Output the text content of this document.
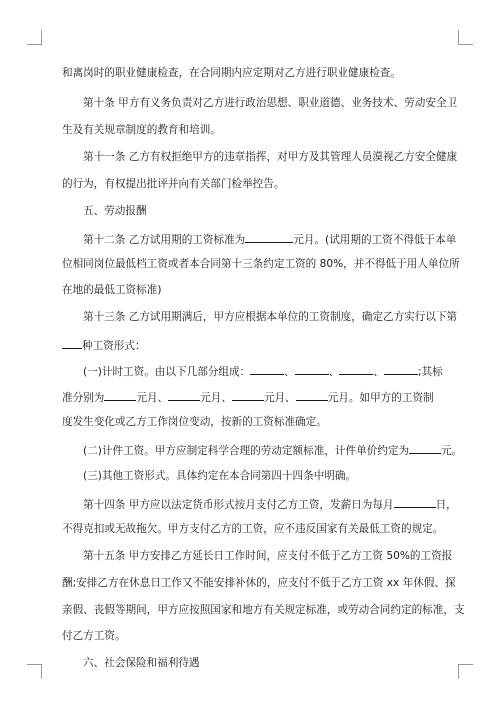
和离岗时的职业健康检查，在合同期内应定期对乙方进行职业健康检查。
第十条 甲方有义务负责对乙方进行政治思想、职业道德、业务技术、劳动安全卫
生及有关规章制度的教育和培训。
第十一条 乙方有权拒绝甲方的违章指挥，对甲方及其管理人员漠视乙方安全健康
的行为，有权提出批评并向有关部门检举控告。
五、劳动报酬
第十二条 乙方试用期的工资标准为	元月。(试用期的工资不得低于本单
位相同岗位最低档工资或者本合同第十三条约定工资的 80%，并不得低于用人单位所
在地的最低工资标准)
第十三条 乙方试用期满后，甲方应根据本单位的工资制度，确定乙方实行以下第
种工资形式：
(一)计时工资。由以下几部分组成：	、	、	、	;其标
准分别为	元月、	元月、	元月、	元月。如甲方的工资制
度发生变化或乙方工作岗位变动，按新的工资标准确定。
(二)计件工资。甲方应制定科学合理的劳动定额标准，计件单价约定为	元。
(三)其他工资形式。具体约定在本合同第四十四条中明确。
第十四条 甲方应以法定货币形式按月支付乙方工资，发薪日为每月	日，
不得克扣或无故拖欠。甲方支付乙方的工资，应不违反国家有关最低工资的规定。
第十五条 甲方安排乙方延长日工作时间，应支付不低于乙方工资 50%的工资报
酬;安排乙方在休息日工作又不能安排补休的，应支付不低于乙方工资 xx 年休假、探
亲假、丧假等期间，甲方应按照国家和地方有关规定标准，或劳动合同约定的标准，支
付乙方工资。
六、社会保险和福利待遇
